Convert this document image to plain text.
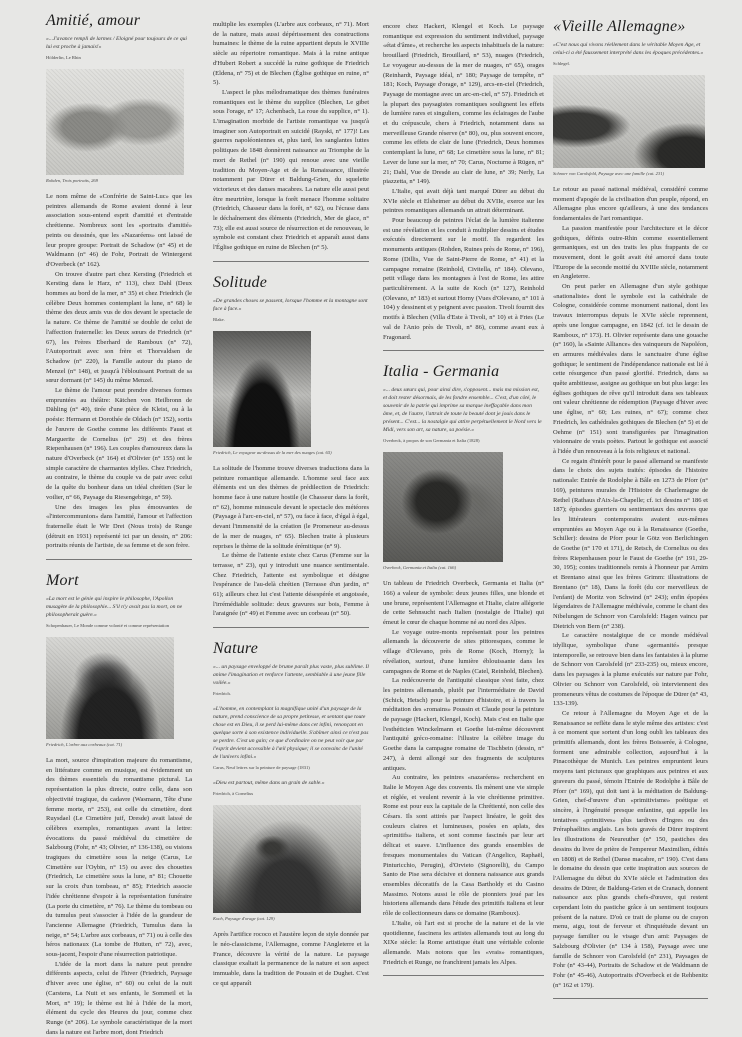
Amitié, amour
«...J'avance rempli de larmes / Eloigné pour toujours de ce qui lui est proche à jamais!»
Hölderlin, Le Rhin
Rohden, Trois portraits, 269

Le nom même de «Confrérie de Saint-Luc» que les peintres allemands de Rome avaient donné à leur association sous-entend esprit d'amitié et d'entraide chrétienne. Nombreux sont les «portraits d'amitié» peints ou dessinés, que les «Nazaréens» ont laissé de leur propre groupe: Portrait de Schadow (n° 45) et de Waldmann (n° 46) de Fohr, Portrait de Wintergerst d'Overbeck (n° 162).

On trouve d'autre part chez Kersting (Friedrich et Kersting dans le Harz, n° 113), chez Dahl (Deux hommes au bord de la mer, n° 35) et chez Friedrich (le célèbre Deux hommes contemplant la lune, n° 68) le thème des deux amis vus de dos devant le spectacle de la nature. Ce thème de l'amitié se double de celui de l'affection fraternelle: les Deux sœurs de Friedrich (n° 67), les Frères Eberhard de Ramboux (n° 72), l'Autoportrait avec son frère et Thorvaldsen de Schadow (n° 220), la Famille autour du piano de Menzel (n° 148), et jusqu'à l'éblouissant Portrait de sa sœur dormant (n° 145) du même Menzel.

Le thème de l'amour peut prendre diverses formes empruntées au théâtre: Kätchen von Heilbronn de Dähling (n° 40), tirée d'une pièce de Kleist, ou à la poésie: Hermann et Dorothée de Oldach (n° 152), sortis de l'œuvre de Goethe comme les différents Faust et Marguerite de Cornelius (n° 29) et des frères Riepenhausen (n° 196). Les couples d'amoureux dans la nature d'Overbeck (n° 164) et d'Olivier (n° 155) ont le simple caractère de charmantes idylles. Chez Friedrich, au contraire, le thème du couple va de pair avec celui de la quête du bonheur dans un idéal chrétien (Sur le voilier, n° 66, Paysage du Riesengebirge, n° 59).

Une des images les plus émouvantes de «l'intercommunion» dans l'amitié, l'amour et l'affection fraternelle était le Wir Drei (Nous trois) de Runge (détruit en 1931) représenté ici par un dessin, n° 206: portraits réunis de l'artiste, de sa femme et de son frère.

Mort
«La mort est le génie qui inspire le philosophe, l'Apollon musagète de la philosophie... S'il n'y avait pas la mort, on ne philosopherait guère.»
Schopenhauer, Le Monde comme volonté et comme représentation
Friedrich, L'arbre aux corbeaux (cat. 71)

La mort, source d'inspiration majeure du romantisme, en littérature comme en musique, est évidemment un des thèmes essentiels du romantisme pictural. La représentation la plus directe, outre celle, dans son objectivité tragique, du cadavre (Wasmann, Tête d'une femme morte, n° 253), est celle du cimetière, dont Ruysdael (Le Cimetière juif, Dresde) avait laissé de célèbres exemples, romantiques avant la lettre: évocations du passé médiéval du cimetière de Salzbourg (Fohr, n° 43; Olivier, n° 136-138), ou visions tragiques du cimetière sous la neige (Carus, Le Cimetière sur l'Oybin, n° 15) ou avec des chouettes (Friedrich, Le cimetière sous la lune, n° 81; Chouette sur la croix d'un tombeau, n° 85); Friedrich associe l'idée chrétienne d'espoir à la représentation funéraire (La porte du cimetière, n° 76). Le thème du tombeau ou du tumulus peut s'associer à l'idée de la grandeur de l'ancienne Allemagne (Friedrich, Tumulus dans la neige, n° 54; L'arbre aux corbeaux, n° 71) ou à celle des héros nationaux (La tombe de Hutten, n° 72), avec, sous-jacent, l'espoir d'une résurrection patriotique.

L'idée de la mort dans la nature peut prendre différents aspects, celui de l'hiver (Friedrich, Paysage d'hiver avec une église, n° 60) ou celui de la nuit (Carstens, La Nuit et ses enfants, le Sommeil et la Mort, n° 19); le thème est lié à l'idée de la mort, élément du cycle des Heures du jour, comme chez Runge (n° 206). Le symbole caractéristique de la mort dans la nature est l'arbre mort, dont Friedrich

multiplie les exemples (L'arbre aux corbeaux, n° 71). Mort de la nature, mais aussi dépérissement des constructions humaines: le thème de la ruine appartient depuis le XVIIIe siècle au répertoire romantique. Mais à la ruine antique d'Hubert Robert a succédé la ruine gothique de Friedrich (Eldena, n° 75) et de Blechen (Église gothique en ruine, n° 5).

L'aspect le plus mélodramatique des thèmes funéraires romantiques est le thème du supplice (Blechen, Le gibet sous l'orage, n° 17; Achenbach, La roue du supplice, n° 1). L'imagination morbide de l'artiste romantique va jusqu'à imaginer son Autoportrait en suicidé (Rayski, n° 177)! Les guerres napoléoniennes et, plus tard, les sanglantes luttes politiques de 1848 donnèrent naissance au Triomphe de la mort de Rethel (n° 190) qui renoue avec une vieille tradition du Moyen-Age et de la Renaissance, illustrée notamment par Dürer et Baldung-Grien, du squelette victorieux et des danses macabres. La nature elle aussi peut être meurtrière, lorsque la forêt menace l'homme solitaire (Friedrich, Chasseur dans la forêt, n° 62), ou l'écrase dans le déchaînement des éléments (Friedrich, Mer de glace, n° 73); elle est aussi source de résurrection et de renouveau, le symbole est constant chez Friedrich et apparaît aussi dans l'Église gothique en ruine de Blechen (n° 5).

Solitude
«De grandes choses se passent, lorsque l'homme et la montagne sont face à face.»
Blake.
Friedrich, Le voyageur au-dessus de la mer des nuages (cat. 65)

La solitude de l'homme trouve diverses traductions dans la peinture romantique allemande. L'homme seul face aux éléments est un des thèmes de prédilection de Friedrich: homme face à une nature hostile (le Chasseur dans la forêt, n° 62), homme minuscule devant le spectacle des météores (Paysage à l'arc-en-ciel, n° 57), ou face à face, d'égal à égal, devant l'immensité de la création (le Promeneur au-dessus de la mer de nuages, n° 65). Blechen traite à plusieurs reprises le thème de la solitude érémitique (n° 9).

Le thème de l'attente existe chez Carus (Femme sur la terrasse, n° 23), qui y introduit une nuance sentimentale. Chez Friedrich, l'attente est symbolique et désigne l'espérance de l'au-delà chrétien (Terrasse d'un jardin, n° 61); ailleurs chez lui c'est l'attente désespérée et angoissée, l'irrémédiable solitude: deux gravures sur bois, Femme à l'araignée (n° 49) et Femme avec un corbeau (n° 50).

Nature
«... un paysage enveloppé de brume paraît plus vaste, plus sublime. Il anime l'imagination et renforce l'attente, semblable à une jeune fille voilée.»
Friedrich.
«L'homme, en contemplant la magnifique unité d'un paysage de la nature, prend conscience de sa propre petitesse, et sentant que toute chose est en Dieu, il se perd lui-même dans cet infini, renonçant en quelque sorte à son existence individuelle. S'abîmer ainsi ce n'est pas se perdre. C'est un gain; ce que d'ordinaire on ne peut voir que par l'esprit devient accessible à l'œil physique; il se convainc de l'unité de l'univers infini.»
Carus, Neuf lettres sur la peinture de paysage (1831)
«Dieu est partout, même dans un grain de sable.»
Friedrich, à Cornelius
Koch, Paysage d'orage (cat. 129)

Après l'artifice rococo et l'austère leçon de style donnée par le néo-classicisme, l'Allemagne, comme l'Angleterre et la France, découvre la vérité de la nature. Le paysage classique exaltait la permanence de la nature et son aspect immuable, dans la tradition de Poussin et de Dughet. C'est ce qui apparaît

encore chez Hackert, Klengel et Koch. Le paysage romantique est expression du sentiment individuel, paysage «état d'âme», et recherche les aspects inhabituels de la nature: brouillard (Friedrich, Brouillard, n° 53), nuages (Friedrich, Le voyageur au-dessus de la mer de nuages, n° 65), orages (Reinhardt, Paysage idéal, n° 180; Paysage de tempête, n° 181; Koch, Paysage d'orage, n° 129), arcs-en-ciel (Friedrich, Paysage de montagne avec un arc-en-ciel, n° 57). Friedrich et la plupart des paysagistes romantiques soulignent les effets de lumière rares et singuliers, comme les éclairages de l'aube et du crépuscule, chers à Friedrich, notamment dans sa merveilleuse Grande réserve (n° 80), ou, plus souvent encore, comme les effets de clair de lune (Friedrich, Deux hommes contemplant la lune, n° 68; Le cimetière sous la lune, n° 81; Lever de lune sur la mer, n° 70; Carus, Nocturne à Rügen, n° 21; Dahl, Vue de Dresde au clair de lune, n° 39; Nerly, La piazzetta, n° 149).

L'Italie, qui avait déjà tant marqué Dürer au début du XVIe siècle et Elsheimer au début du XVIIe, exerce sur les peintres romantiques allemands un attrait déterminant.

Pour beaucoup de peintres l'éclat de la lumière italienne est une révélation et les conduit à multiplier dessins et études exécutés directement sur le motif. Ils regardent les monuments antiques (Rohden, Ruines près de Rome, n° 196), Rome (Dillis, Vue de Saint-Pierre de Rome, n° 41) et la campagne romaine (Reinhold, Civitella, n° 184). Olevano, petit village dans les montagnes à l'est de Rome, les attire particulièrement. A la suite de Koch (n° 127), Reinhold (Olevano, n° 183) et surtout Horny (Vues d'Olevano, n° 101 à 104) y dessinent et y peignent avec passion. Tivoli fournit des motifs à Blechen (Villa d'Este à Tivoli, n° 10) et à Fries (Le val de l'Anio près de Tivoli, n° 86), comme avant eux à Fragonard.

Italia - Germania
«... deux sœurs qui, pour ainsi dire, s'opposent... mais ma mission est, et doit rester désormais, de les fondre ensemble... C'est, d'un côté, le souvenir de la patrie qui imprime sa marque ineffaçable dans mon âme, et, de l'autre, l'attrait de toute la beauté dont je jouis dans le présent... C'est... la nostalgie qui attire perpétuellement le Nord vers le Midi, vers son art, sa nature, sa poésie.»
Overbeck, à propos de son Germania et Italia (1828)
Overbeck, Germania et Italia (cat. 166)

Un tableau de Friedrich Overbeck, Germania et Italia (n° 166) a valeur de symbole: deux jeunes filles, une blonde et une brune, représentent l'Allemagne et l'Italie, claire allégorie de cette Sehnsucht nach Italien (nostalgie de l'Italie) qui émeut le cœur de chaque homme né au nord des Alpes.

Le voyage outre-monts représentait pour les peintres allemands la découverte de sites pittoresques, comme le village d'Olevano, près de Rome (Koch, Horny); la révélation, surtout, d'une lumière éblouissante dans les campagnes de Rome et de Naples (Catel, Reinhold, Blechen).

La redécouverte de l'antiquité classique s'est faite, chez les peintres allemands, plutôt par l'intermédiaire de David (Schick, Hetsch) pour la peinture d'histoire, et à travers la méditation des «romains» Poussin et Claude pour la peinture de paysage (Hackert, Klengel, Koch). Mais c'est en Italie que l'esthéticien Winckelmann et Goethe lui-même découvrent l'antiquité gréco-romaine: l'illustre la célèbre image du Goethe dans la campagne romaine de Tischbein (dessin, n° 247), à demi allongé sur des fragments de sculptures antiques.

Au contraire, les peintres «nazaréens» recherchent en Italie le Moyen Age des couvents. Ils mènent une vie simple et réglée, et veulent revenir à la vie chrétienne primitive. Rome est pour eux la capitale de la Chrétienté, non celle des Césars. Ils sont attirés par l'aspect linéaire, le goût des couleurs claires et lumineuses, posées en aplats, des «primitifs» italiens, et sont comme fascinés par leur art délicat et suave. L'influence des grands ensembles de fresques monumentales du Vatican (l'Angelico, Raphaël, Pinturicchio, Perugin), d'Orvieto (Signorelli), du Campo Santo de Pise sera décisive et donnera naissance aux grands ensembles décoratifs de la Casa Bartholdy et du Casino Massimo. Notons aussi le rôle de pionniers joué par les historiens allemands dans l'étude des primitifs italiens et leur rôle de collectionneurs dans ce domaine (Ramboux).

L'Italie, où l'art est si proche de la nature et de la vie quotidienne, fascinera les artistes allemands tout au long du XIXe siècle: la Rome artistique était une véritable colonie allemande. Mais notons que les «vrais» romantiques, Friedrich et Runge, ne franchirent jamais les Alpes.

«Vieille Allemagne»
«C'est nous qui vivons réellement dans le véritable Moyen Age, et celui-ci a été faussement interprété dans les époques précédentes.»
Schlegel.
Schnorr von Carolsfeld, Paysage avec une famille (cat. 231)

Le retour au passé national médiéval, considéré comme moment d'apogée de la civilisation d'un peuple, répond, en Allemagne plus encore qu'ailleurs, à une des tendances fondamentales de l'art romantique.

La passion manifestée pour l'architecture et le décor gothiques, définis outre-Rhin comme essentiellement germaniques, est un des traits les plus frappants de ce mouvement, dont le goût avait été amorcé dans toute l'Europe de la seconde moitié du XVIIIe siècle, notamment en Angleterre.

On peut parler en Allemagne d'un style gothique «nationaliste» dont le symbole est la cathédrale de Cologne, considérée comme monument national, dont les travaux interrompus depuis le XVIe siècle reprennent, après une longue campagne, en 1842 (cf. ici le dessin de Ramboux, n° 173). H. Olivier représente dans une gouache (n° 160), la «Sainte Alliance» des vainqueurs de Napoléon, en armures médiévales dans le sanctuaire d'une église gothique; le sentiment de l'indépendance nationale est lié à cette résurgence d'un passé glorifié. Friedrich, dans sa quête ambitieuse, assigne au gothique un but plus large: les églises gothiques de rêve qu'il introduit dans ses tableaux ont valeur chrétienne de rédemption (Paysage d'hiver avec une église, n° 60; Les ruines, n° 67); comme chez Friedrich, les cathédrales gothiques de Blechen (n° 5) et de Oehme (n° 151) sont transfigurées par l'imagination visionnaire de vrais poètes. Partout le gothique est associé à l'idée d'un renouveau à la fois religieux et national.

Ce regain d'intérêt pour le passé allemand se manifeste dans le choix des sujets traités: épisodes de l'histoire nationale: Entrée de Rodolphe à Bâle en 1273 de Pforr (n° 169), peintures murales de l'Histoire de Charlemagne de Rethel (Rathaus d'Aix-la-Chapelle; cf. ici dessins n° 186 et 187); épisodes guerriers ou sentimentaux des œuvres que les littérateurs contemporains avaient eux-mêmes empruntées au Moyen Age ou à la Renaissance (Goethe, Schiller): dessins de Pforr pour le Götz von Berlichingen de Goethe (n° 170 et 171), de Retsch, de Cornelius ou des frères Riepenhausen pour le Faust de Goethe (n° 191, 29-30, 195); contes traditionnels remis à l'honneur par Arnim et Brentano ainsi que les frères Grimm: illustrations de Brentano (n° 18), Dans la forêt (du cor merveilleux de l'enfant) de Moritz von Schwind (n° 243); enfin épopées légendaires de l'Allemagne médiévale, comme le chant des Nibelungen de Schnorr von Carolsfeld: Hagen vaincu par Dietrich von Bern (n° 238).

Le caractère nostalgique de ce monde médiéval idyllique, symbolique d'une «germanité» presque intemporelle, se retrouve bien dans les fantaisies à la plume de Schnorr von Carolsfeld (n° 233-235) ou, mieux encore, dans les paysages à la plume exécutés sur nature par Fohr, Olivier ou Schnorr von Carolsfeld, où interviennent des promeneurs vêtus de costumes de l'époque de Dürer (n° 43, 133-139).

Ce retour à l'Allemagne du Moyen Age et de la Renaissance se reflète dans le style même des artistes: c'est à ce moment que sortent d'un long oubli les tableaux des primitifs allemands, dont les frères Boisserée, à Cologne, forment une admirable collection, aujourd'hui à la Pinacothèque de Munich. Les peintres empruntent leurs moyens tant picturaux que graphiques aux peintres et aux graveurs du passé, témoin l'Entrée de Rodolphe à Bâle de Pforr (n° 169), qui doit tant à la méditation de Baldung-Grien, chef-d'œuvre d'un «primitivisme» poétique et sincère, à l'ingénuité presque enfantine, qui appelle les tentatives «primitives» plus tardives d'Ingres ou des Préraphaélites anglais. Les bois gravés de Dürer inspirent les illustrations de Neureuther (n° 150, pastiches des dessins du livre de prière de l'empereur Maximilien, édités en 1808) et de Rethel (Danse macabre, n° 190). C'est dans le domaine du dessin que cette inspiration aux sources de l'Allemagne du début du XVIe siècle et l'admiration des dessins de Dürer, de Baldung-Grien et de Cranach, donnent naissance aux plus grands chefs-d'œuvre, qui restent cependant loin du pastiche grâce à un sentiment toujours présent de la nature. D'où ce trait de plume ou de crayon menu, aigu, tout de ferveur et d'inquiétude devant un paysage familier ou le visage d'un ami: Paysages de Salzbourg d'Olivier (n° 134 à 158), Paysage avec une famille de Schnorr von Carolsfeld (n° 231), Paysages de Fohr (n° 43-44), Portraits de Schadow et de Waldmann de Fohr (n° 45-46), Autoportraits d'Overbeck et de Rehbenitz (n° 162 et 179).
